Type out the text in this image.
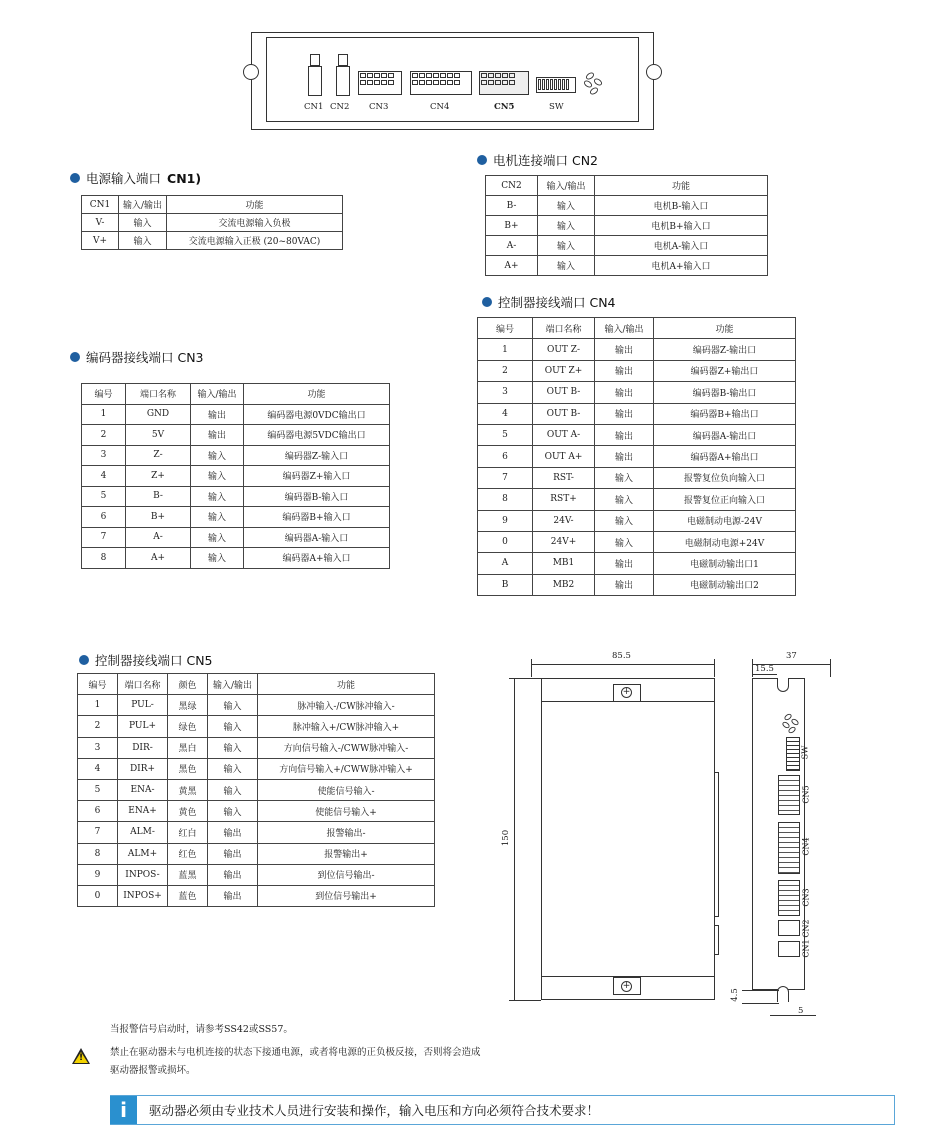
CN1 CN2 CN3	CN4	CN5	SW
电源输入端口 CN1)
CN1	输入/输出	功能
V-	输入	交流电源输入负极
V+	输入	交流电源输入正极 (20~80VAC)
电机连接端口 CN2
CN2	输入/输出	功能
B-	输入	电机B-输入口
B+	输入	电机B+输入口
A-	输入	电机A-输入口
A+	输入	电机A+输入口
控制器接线端口 CN4
编号	端口名称	输入/输出	功能
1	OUT Z-	输出	编码器Z-输出口
2	OUT Z+	输出	编码器Z+输出口
3	OUT B-	输出	编码器B-输出口
4	OUT B-	输出	编码器B+输出口
5	OUT A-	输出	编码器A-输出口
6	OUT A+	输出	编码器A+输出口
7	RST-	输入	报警复位负向输入口
8	RST+	输入	报警复位正向输入口
9	24V-	输入	电磁制动电源-24V
0	24V+	输入	电磁制动电源+24V
A	MB1	输出	电磁制动输出口1
B	MB2	输出	电磁制动输出口2
编码器接线端口 CN3
编号	端口名称	输入/输出	功能
1	GND	输出	编码器电源0VDC输出口
2	5V	输出	编码器电源5VDC输出口
3	Z-	输入	编码器Z-输入口
4	Z+	输入	编码器Z+输入口
5	B-	输入	编码器B-输入口
6	B+	输入	编码器B+输入口
7	A-	输入	编码器A-输入口
8	A+	输入	编码器A+输入口
控制器接线端口 CN5
编号	端口名称	颜色	输入/输出	功能
1	PUL-	黑绿	输入	脉冲输入-/CW脉冲输入-
2	PUL+	绿色	输入	脉冲输入+/CW脉冲输入+
3	DIR-	黑白	输入	方向信号输入-/CWW脉冲输入-
4	DIR+	黑色	输入	方向信号输入+/CWW脉冲输入+
5	ENA-	黄黑	输入	使能信号输入-
6	ENA+	黄色	输入	使能信号输入+
7	ALM-	红白	输出	报警输出-
8	ALM+	红色	输出	报警输出+
9	INPOS-	蓝黑	输出	到位信号输出-
0	INPOS+	蓝色	输出	到位信号输出+
+
+
85.5
150
SW
CN5
CN4
CN3
CN2
CN1
37
15.5
4.5
5
当报警信号启动时，请参考SS42或SS57。
!	禁止在驱动器未与电机连接的状态下接通电源，或者将电源的正负极反接，否则将会造成
驱动器报警或损坏。
i	驱动器必须由专业技术人员进行安装和操作，输入电压和方向必须符合技术要求！
